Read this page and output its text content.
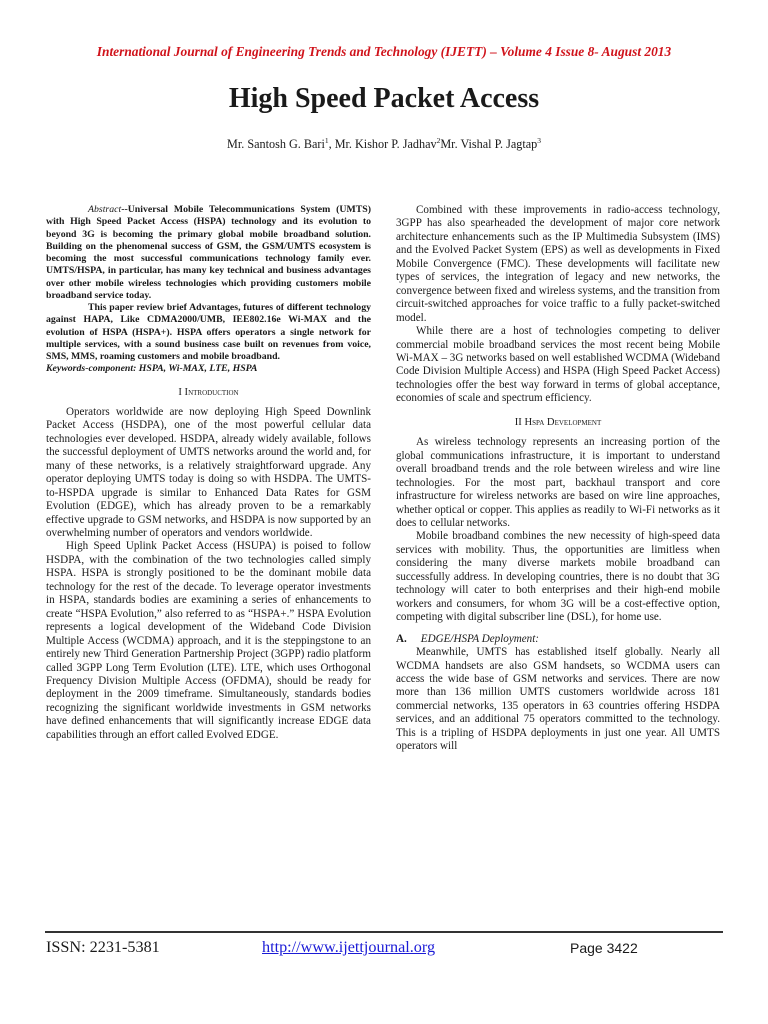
International Journal of Engineering Trends and Technology (IJETT) – Volume 4 Issue 8- August 2013
High Speed Packet Access
Mr. Santosh G. Bari$^1$, Mr. Kishor P. Jadhav$^2$Mr. Vishal P. Jagtap$^3$

Abstract--Universal Mobile Telecommunications System (UMTS) with High Speed Packet Access (HSPA) technology and its evolution to beyond 3G is becoming the primary global mobile broadband solution. Building on the phenomenal success of GSM, the GSM/UMTS ecosystem is becoming the most successful communications technology family ever. UMTS/HSPA, in particular, has many key technical and business advantages over other mobile wireless technologies which providing customers mobile broadband service today.

This paper review brief Advantages, futures of different technology against HAPA, Like CDMA2000/UMB, IEE802.16e Wi-MAX and the evolution of HSPA (HSPA+). HSPA offers operators a single network for multiple services, with a sound business case built on revenues from voice, SMS, MMS, roaming customers and mobile broadband.

Keywords-component: HSPA, Wi-MAX, LTE, HSPA

I Introduction

Operators worldwide are now deploying High Speed Downlink Packet Access (HSDPA), one of the most powerful cellular data technologies ever developed. HSDPA, already widely available, follows the successful deployment of UMTS networks around the world and, for many of these networks, is a relatively straightforward upgrade. Any operator deploying UMTS today is doing so with HSDPA. The UMTS-to-HSPDA upgrade is similar to Enhanced Data Rates for GSM Evolution (EDGE), which has already proven to be a remarkably effective upgrade to GSM networks, and HSDPA is now supported by an overwhelming number of operators and vendors worldwide.

High Speed Uplink Packet Access (HSUPA) is poised to follow HSDPA, with the combination of the two technologies called simply HSPA. HSPA is strongly positioned to be the dominant mobile data technology for the rest of the decade. To leverage operator investments in HSPA, standards bodies are examining a series of enhancements to create “HSPA Evolution,” also referred to as “HSPA+.” HSPA Evolution represents a logical development of the Wideband Code Division Multiple Access (WCDMA) approach, and it is the steppingstone to an entirely new Third Generation Partnership Project (3GPP) radio platform called 3GPP Long Term Evolution (LTE). LTE, which uses Orthogonal Frequency Division Multiple Access (OFDMA), should be ready for deployment in the 2009 timeframe. Simultaneously, standards bodies recognizing the significant worldwide investments in GSM networks have defined enhancements that will significantly increase EDGE data capabilities through an effort called Evolved EDGE.

Combined with these improvements in radio-access technology, 3GPP has also spearheaded the development of major core network architecture enhancements such as the IP Multimedia Subsystem (IMS) and the Evolved Packet System (EPS) as well as developments in Fixed Mobile Convergence (FMC). These developments will facilitate new types of services, the integration of legacy and new networks, the convergence between fixed and wireless systems, and the transition from circuit-switched approaches for voice traffic to a fully packet-switched model.

While there are a host of technologies competing to deliver commercial mobile broadband services the most recent being Mobile Wi-MAX – 3G networks based on well established WCDMA (Wideband Code Division Multiple Access) and HSPA (High Speed Packet Access) technologies offer the best way forward in terms of global acceptance, economies of scale and spectrum efficiency.

II Hspa Development

As wireless technology represents an increasing portion of the global communications infrastructure, it is important to understand overall broadband trends and the role between wireless and wire line technologies. For the most part, backhaul transport and core infrastructure for wireless networks are based on wire line approaches, whether optical or copper. This applies as readily to Wi-Fi networks as it does to cellular networks.

Mobile broadband combines the new necessity of high-speed data services with mobility. Thus, the opportunities are limitless when considering the many diverse markets mobile broadband can successfully address. In developing countries, there is no doubt that 3G technology will cater to both enterprises and their high-end mobile workers and consumers, for whom 3G will be a cost-effective option, competing with digital subscriber line (DSL), for home use.

A. EDGE/HSPA Deployment:

Meanwhile, UMTS has established itself globally. Nearly all WCDMA handsets are also GSM handsets, so WCDMA users can access the wide base of GSM networks and services. There are now more than 136 million UMTS customers worldwide across 181 commercial networks, 135 operators in 63 countries offering HSDPA services, and an additional 75 operators committed to the technology. This is a tripling of HSDPA deployments in just one year. All UMTS operators will

ISSN: 2231-5381	http://www.ijettjournal.org	Page 3422
